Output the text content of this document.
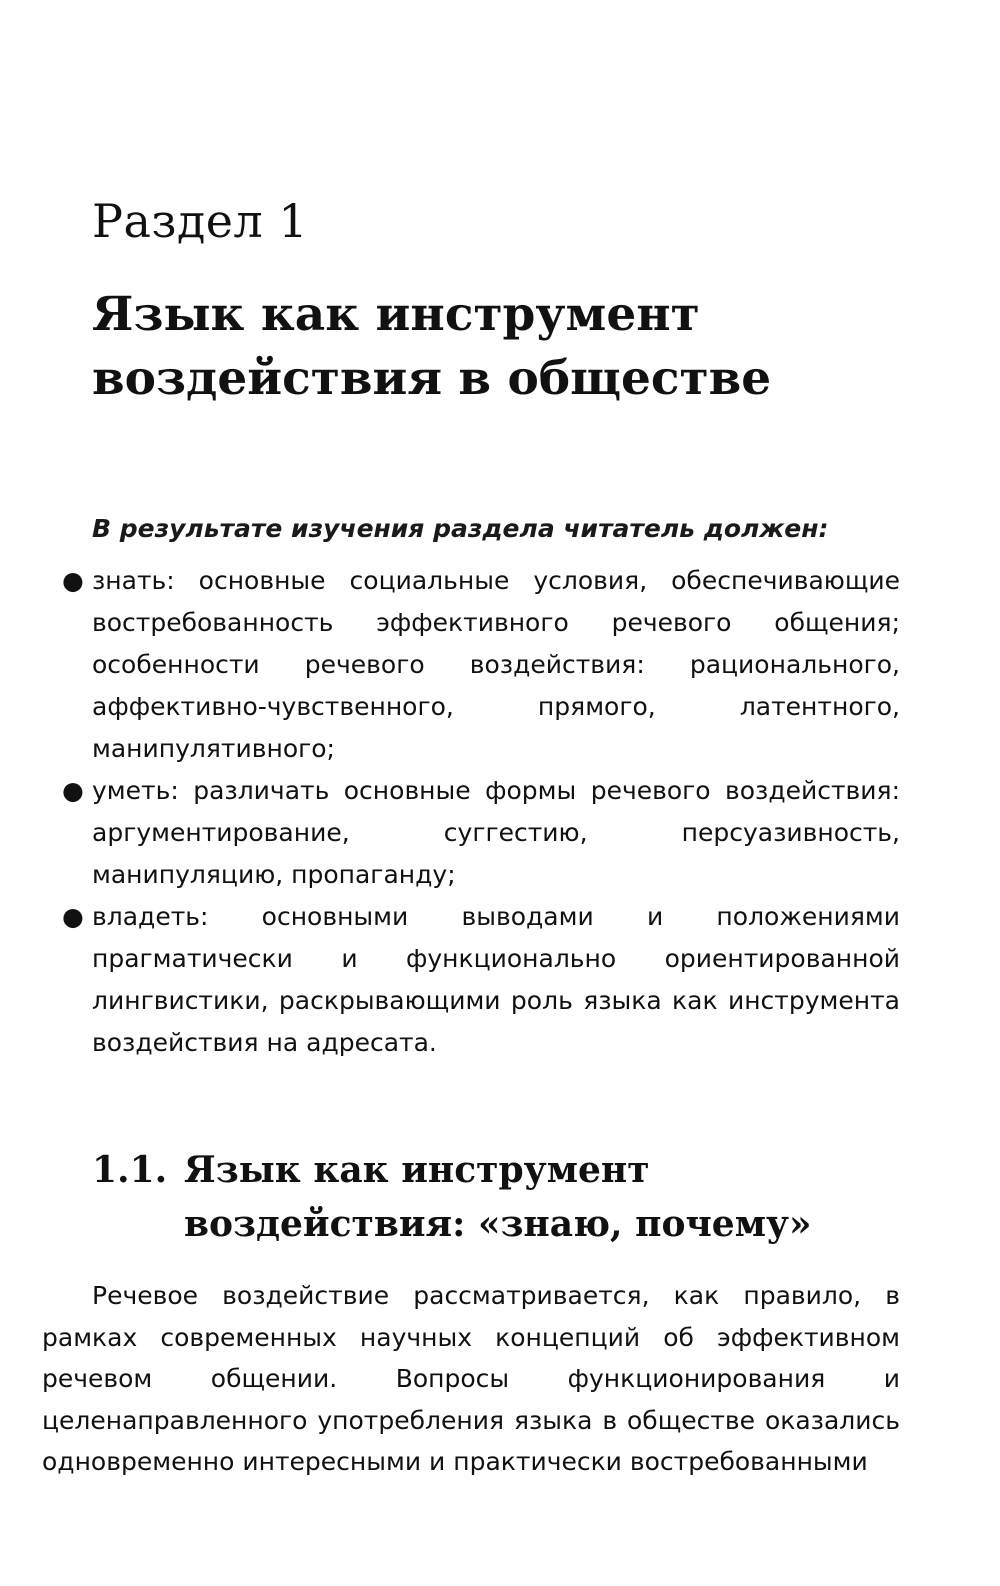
Раздел 1
Язык как инструмент
воздействия в обществе

В результате изучения раздела читатель должен:

● знать: основные социальные условия, обеспечивающие востребованность эффективного речевого общения; особенности речевого воздействия: рационального, аффективно-чувственного, прямого, латентного, манипулятивного;
● уметь: различать основные формы речевого воздействия: аргументирование, суггестию, персуазивность, манипуляцию, пропаганду;
● владеть: основными выводами и положениями прагматически и функционально ориентированной лингвистики, раскрывающими роль языка как инструмента воздействия на адресата.
1.1. Язык как инструмент
воздействия: «знаю, почему»

Речевое воздействие рассматривается, как правило, в рамках современных научных концепций об эффективном речевом общении. Вопросы функционирования и целенаправленного употребления языка в обществе оказались одновременно интересными и практически востребованными
